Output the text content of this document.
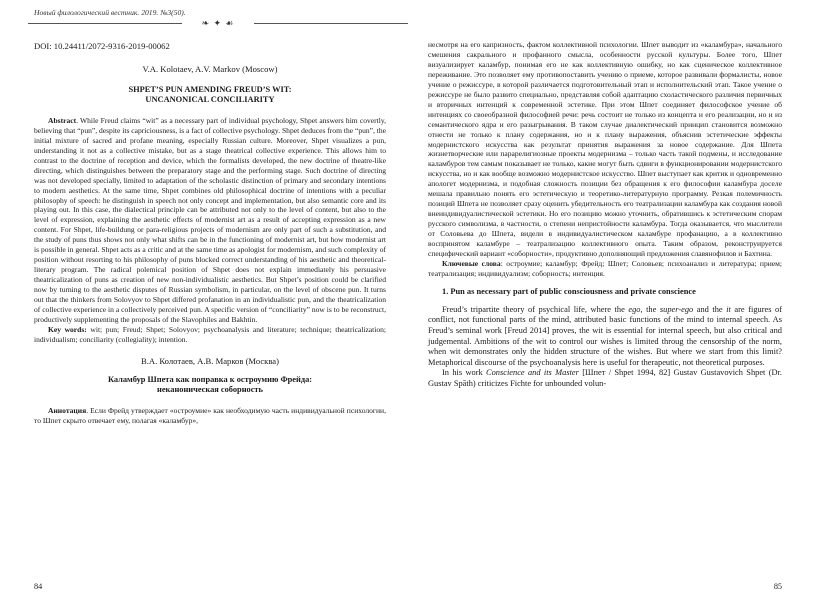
Новый филологический вестник. 2019. №3(50).
❧ ✦ ☙

DOI: 10.24411/2072-9316-2019-00062

V.A. Kolotaev, A.V. Markov (Moscow)

SHPET’S PUN AMENDING FREUD’S WIT:
UNCANONICAL CONCILIARITY

Abstract. While Freud claims “wit” as a necessary part of individual psychology, Shpet answers him covertly, believing that “pun”, despite its capriciousness, is a fact of collective psychology. Shpet deduces from the “pun”, the initial mixture of sacred and profane meaning, especially Russian culture. Moreover, Shpet visualizes a pun, understanding it not as a collective mistake, but as a stage theatrical collective experience. This allows him to contrast to the doctrine of reception and device, which the formalists developed, the new doctrine of theatre-like directing, which distinguishes between the preparatory stage and the performing stage. Such doctrine of directing was not developed specially, limited to adaptation of the scholastic distinction of primary and secondary intentions to modern aesthetics. At the same time, Shpet combines old philosophical doctrine of intentions with a peculiar philosophy of speech: he distinguish in speech not only concept and implementation, but also semantic core and its playing out. In this case, the dialectical principle can be attributed not only to the level of content, but also to the level of expression, explaining the aesthetic effects of modernist art as a result of accepting expression as a new content. For Shpet, life-buildung or para-religious projects of modernism are only part of such a substitution, and the study of puns thus shows not only what shifts can be in the functioning of modernist art, but how modernist art is possible in general. Shpet acts as a critic and at the same time as apologist for modernism, and such complexity of position without resorting to his philosophy of puns blocked correct understanding of his aesthetic and theoretical-literary program. The radical polemical position of Shpet does not explain immediately his persuasive theatricalization of puns as creation of new non-individualistic aesthetics. But Shpet’s position could be clarified now by turning to the aesthetic disputes of Russian symbolism, in particular, on the level of obscene pun. It turns out that the thinkers from Solovyov to Shpet differed profanation in an individualistic pun, and the theatricalization of collective experience in a collectively perceived pun. A specific version of “conciliarity” now is to be reconstruct, productively supplementing the proposals of the Slavophiles and Bakhtin.

Key words: wit; pun; Freud; Shpet; Solovyov; psychoanalysis and literature; technique; theatricalization; individualism; conciliarity (collegiality); intention.

В.А. Колотаев, А.В. Марков (Москва)

Каламбур Шпета как поправка к остроумию Фрейда:
неканоническая соборность

Аннотация. Если Фрейд утверждает «остроумие» как необходимую часть индивидуальной психологии, то Шпет скрыто отвечает ему, полагая «каламбур»,

84

несмотря на его капризность, фактом коллективной психологии. Шпет выводит из «каламбура», начального смешения сакрального и профанного смысла, особенности русской культуры. Более того, Шпет визуализирует каламбур, понимая его не как коллективную ошибку, но как сценическое коллективное переживание. Это позволяет ему противопоставить учению о приеме, которое развивали формалисты, новое учение о режиссуре, в которой различается подготовительный этап и исполнительский этап. Такое учение о режиссуре не было развито специально, представляя собой адаптацию схоластического различия первичных и вторичных интенций к современной эстетике. При этом Шпет соединяет философское учение об интенциях со своеобразной философией речи: речь состоит не только из концепта и его реализации, но и из семантического ядра и его разыгрывания. В таком случае диалектический принцип становится возможно отнести не только к плану содержания, но и к плану выражения, объяснив эстетические эффекты модернистского искусства как результат принятия выражения за новое содержание. Для Шпета жизнетворческие или парарелигиозные проекты модернизма – только часть такой подмены, и исследование каламбуров тем самым показывает не только, какие могут быть сдвиги в функционировании модернистского искусства, но и как вообще возможно модернистское искусство. Шпет выступает как критик и одновременно апологет модернизма, и подобная сложность позиции без обращения к его философии каламбура доселе мешала правильно понять его эстетическую и теоретико-литературную программу. Резкая полемичность позиций Шпета не позволяет сразу оценить убедительность его театрализации каламбура как создания новой внеиндивидуалистической эстетики. Но его позицию можно уточнить, обратившись к эстетическим спорам русского символизма, в частности, о степени непристойности каламбура. Тогда оказывается, что мыслители от Соловьева до Шпета, видели в индивидуалистическом каламбуре профанацию, а в коллективно воспринятом каламбуре – театрализацию коллективного опыта. Таким образом, реконструируется специфический вариант «соборности», продуктивно дополняющий предложения славянофилов и Бахтина.

Ключевые слова: остроумие; каламбур; Фрейд; Шпет; Соловьев; психоанализ и литература; прием; театрализация; индивидуализм; соборность; интенция.

1. Pun as necessary part of public consciousness and private conscience

Freud’s tripartite theory of psychical life, where the ego, the super-ego and the it are figures of conflict, not functional parts of the mind, attributed basic functions of the mind to internal speech. As Freud’s seminal work [Freud 2014] proves, the wit is essential for internal speech, but also critical and judgemental. Ambitions of the wit to control our wishes is limited throug the censorship of the norm, when wit demonstrates only the hidden structure of the wishes. But where we start from this limit? Metaphorical discourse of the psychoanalysis here is useful for therapeutic, not theoretical purposes.

In his work Conscience and its Master [Шпет / Shpet 1994, 82] Gustav Gustavovich Shpet (Dr. Gustav Spāth) criticizes Fichte for unbounded volun-

85
